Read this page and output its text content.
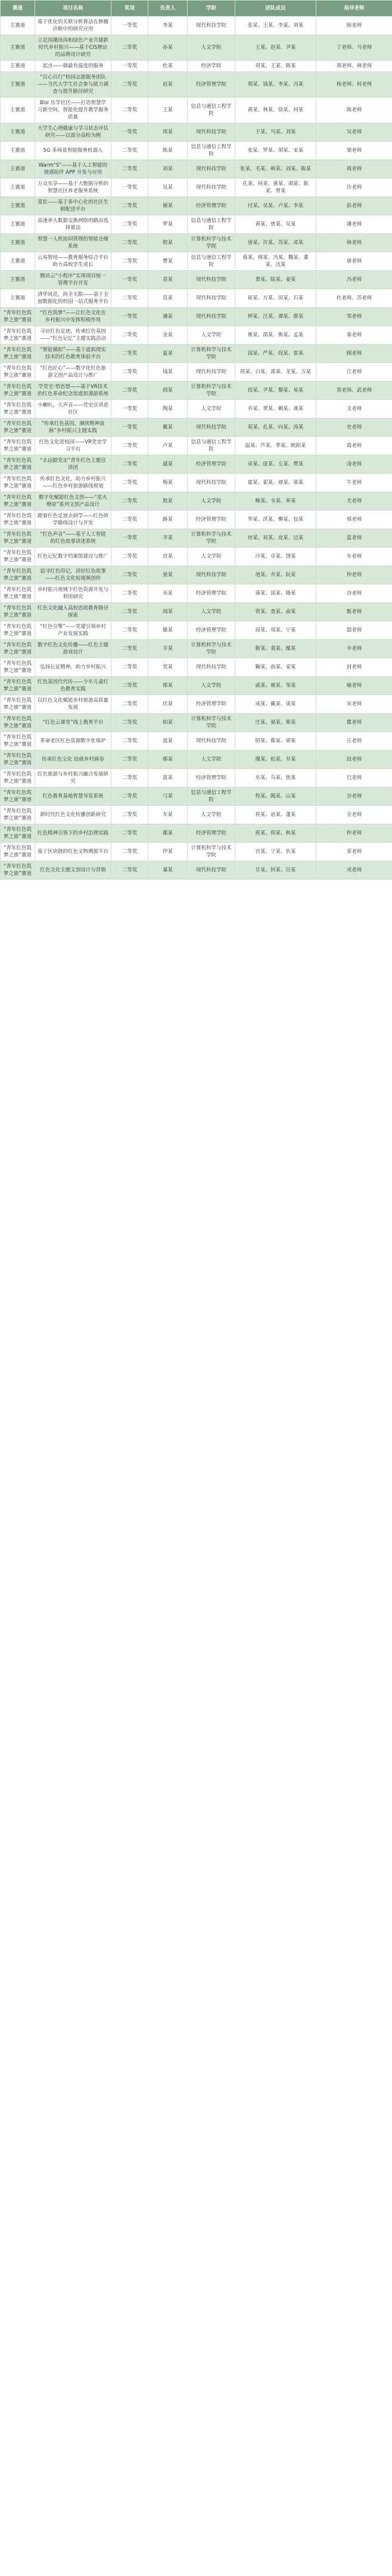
赛道	项目名称	奖项	负责人	学院	团队成员	指导老师
主赛道	基于优化的关联分析算法在肿瘤诊断中的研究应用	一等奖	李某	现代科技学院	张某、王某、李某、刘某	陈老师
主赛道	立足国潮风尚和绿色产业共建新时代乡村振兴——基于CIS理论的品牌设计研究	二等奖	孙某	人文学院	王某、赵某、尹某	丁老师、马老师
主赛道	起点——做最有温度的服务	一等奖	杜某	经济学院	周某、王某、陈某	郑老师、林老师
主赛道	“百心百行”校园志愿服务团队——当代大学生社会参与能力调查与提升路径研究	二等奖	赵某	经济管理学院	郑某、钱某、李某、冯某	杨老师、何老师
主赛道	Blsl 乐学社区——打造智慧学习新空间，智能化提升教学服务质量	二等奖	王某	信息与通信工程学院	黄某、林某、徐某、何某	陈老师
主赛道	大学生心理健康与学习状态评估研究——以部分高校为例	一等奖	周某	现代科技学院	于某、马某、刘某	吴老师
主赛道	5G 多场景智能服务机器人	二等奖	陈某	信息与通信工程学院	张某、罗某、胡某、宋某	梁老师
主赛道	Warm“S”——基于人工智能的情感陪伴 APP 开发与应用	二等奖	刘某	现代科技学院	张某、毛某、韩某、刘某、陈某	周老师
主赛道	万众乐享——基于大数据分析的智慧社区养老服务系统	一等奖	吴某	现代科技学院	孔某、何某、黄某、胡某、陈某、曾某	许老师
主赛道	菜佐——基于多中心化的社区生鲜配送平台	二等奖	谢某	经济管理学院	付某、吴某、卢某、李某	彭老师
主赛道	高速率大数据交换网络的路由选择算法	二等奖	罗某	信息与通信工程学院	黄某、曾某、吴某	潘老师
主赛道	智慧一人机协同管理的智能仓储系统	二等奖	程某	计算机科学与技术学院	唐某、许某、苏某、邓某	韩老师
主赛道	云易智培——教育服务综合平台助力高校学生成长	二等奖	曹某	信息与通信工程学院	蒋某、韩某、冯某、魏某、董某、沈某	唐老师
主赛道	腾讯云“小程序”实现项目统一管理平台开发	一等奖	袁某	现代科技学院	萧某、陆某、姜某	冯老师
主赛道	清华风范，尚全无限——基于全面数据化的校园一站式服务平台	二等奖	范某	现代科技学院	崔某、方某、田某、石某	杜老师、苏老师
“青年红色筑梦之旅”赛道	“红色筑梦”——让红色文化在乡村振兴中发挥积极作用	一等奖	潘某	现代科技学院	钟某、汪某、谭某、廖某	邹老师
“青年红色筑梦之旅”赛道	寻访红色足迹，传承红色基因——“红色记忆”主题实践活动	二等奖	金某	人文学院	姚某、邵某、熊某、孟某	秦老师
“青年红色筑梦之旅”赛道	“智能模拟”——基于虚拟现实技术的红色教育体验平台	二等奖	夏某	计算机科学与技术学院	邱某、严某、段某、雷某	顾老师
“青年红色筑梦之旅”赛道	“红色匠心”——数字化红色旅游文创产品设计与推广	二等奖	钱某	现代科技学院	侯某、白某、邵某、龙某、万某	江老师
“青年红色筑梦之旅”赛道	学党史·悟思想——基于VR技术的红色革命纪念馆虚拟漫游系统	二等奖	阎某	计算机科学与技术学院	段某、尹某、黎某、易某	常老师、武老师
“青年红色筑梦之旅”赛道	小喇叭，大声音——党史宣讲进社区	一等奖	陶某	人文学院	乔某、贺某、赖某、龚某	文老师
“青年红色筑梦之旅”赛道	“传承红色基因，赓续精神血脉”乡村振兴主题实践	一等奖	戴某	现代科技学院	莫某、孔某、向某、汤某	史老师
“青年红色筑梦之旅”赛道	红色文化进校园——VR党史学习平台	二等奖	卢某	信息与通信工程学院	温某、芦某、季某、欧阳某	葛老师
“青年红色筑梦之旅”赛道	“永远跟党走”青年红色主题宣讲团	二等奖	盛某	经济管理学院	章某、庞某、左某、樊某	凌老师
“青年红色筑梦之旅”赛道	传承红色文化，助力乡村振兴——红色乡村旅游路线规划	二等奖	梅某	现代科技学院	霍某、翟某、褚某、邬某	牛老师
“青年红色筑梦之旅”赛道	数字化赋能红色文创——“星火燎原”系列文创产品设计	二等奖	殷某	人文学院	鲍某、韦某、单某	尤老师
“青年红色筑梦之旅”赛道	跟着红色足迹去研学——红色研学路线设计与开发	二等奖	路某	经济管理学院	华某、洪某、柳某、包某	邢老师
“青年红色筑梦之旅”赛道	“红色声音”——基于人工智能的红色故事讲述系统	一等奖	齐某	计算机科学与技术学院	房某、祁某、皮某、边某	蓝老师
“青年红色筑梦之旅”赛道	红色记忆数字档案馆建设与推广	二等奖	宫某	人文学院	冷某、卓某、饶某	车老师
“青年红色筑梦之旅”赛道	追寻红色印记，讲好红色故事——红色文化短视频创作	二等奖	晏某	现代科技学院	池某、乔某、阮某	仲老师
“青年红色筑梦之旅”赛道	乡村振兴视域下红色资源开发与利用研究	二等奖	巫某	经济管理学院	蒲某、邰某、隆某	沙老师
“青年红色筑梦之旅”赛道	红色文化融入高校思政教育路径探索	二等奖	闻某	人文学院	管某、查某、俞某	甄老师
“青年红色筑梦之旅”赛道	“红色引擎”——党建引领乡村产业发展实践	二等奖	滕某	经济管理学院	屈某、项某、宁某	邸老师
“青年红色筑梦之旅”赛道	数字红色文化传播——红色主题游戏设计	二等奖	羊某	计算机科学与技术学院	靳某、裴某、糜某	辛老师
“青年红色筑梦之旅”赛道	弘扬长征精神，助力乡村振兴	二等奖	党某	现代科技学院	鞠某、曲某、家某	封老师
“青年红色筑梦之旅”赛道	红色基因代代传——少年儿童红色教育实践	二等奖	郁某	人文学院	戚某、谢某、邹某	喻老师
“青年红色筑梦之旅”赛道	以红色文化赋能乡村旅游高质量发展	二等奖	伏某	经济管理学院	成某、戴某、谈某	宋老师
“青年红色筑梦之旅”赛道	“红色云课堂”线上教育平台	二等奖	柏某	计算机科学与技术学院	庄某、晏某、柴某	瞿老师
“青年红色筑梦之旅”赛道	革命老区红色资源数字化保护	二等奖	汲某	现代科技学院	阴某、郗某、梁某	丘老师
“青年红色筑梦之旅”赛道	传承红色文化 绘就乡村画卷	二等奖	邴某	人文学院	糜某、松某、井某	段老师
“青年红色筑梦之旅”赛道	红色旅游与乡村振兴融合发展研究	二等奖	富某	经济管理学院	巫某、乌某、焦某	巴老师
“青年红色筑梦之旅”赛道	红色教育基地智慧导览系统	二等奖	弓某	信息与通信工程学院	牧某、隗某、山某	谷老师
“青年红色筑梦之旅”赛道	新时代红色文化传播创新研究	二等奖	车某	人文学院	侯某、宓某、蓬某	全老师
“青年红色筑梦之旅”赛道	红色精神引领下的乡村治理实践	二等奖	郗某	经济管理学院	班某、仰某、秋某	仲老师
“青年红色筑梦之旅”赛道	基于区块链的红色文物溯源平台	二等奖	伊某	计算机科学与技术学院	宫某、宁某、仇某	栾老师
“青年红色筑梦之旅”赛道	红色文化主题文创设计与营销	二等奖	暴某	现代科技学院	甘某、钭某、厉某	戎老师
